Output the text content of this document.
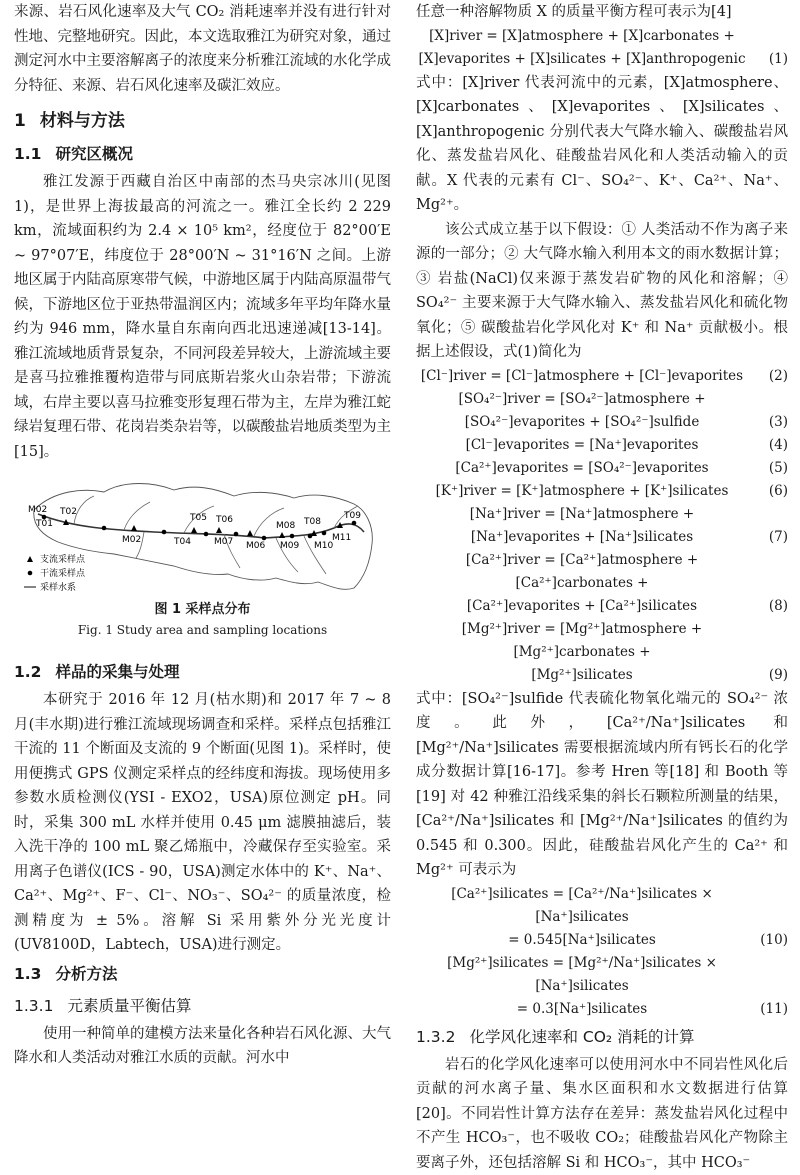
来源、岩石风化速率及大气 CO₂ 消耗速率并没有进行针对性地、完整地研究。因此，本文选取雅江为研究对象，通过测定河水中主要溶解离子的浓度来分析雅江流域的水化学成分特征、来源、岩石风化速率及碳汇效应。

1 材料与方法
1.1 研究区概况

雅江发源于西藏自治区中南部的杰马央宗冰川(见图 1)，是世界上海拔最高的河流之一。雅江全长约 2 229 km，流域面积约为 2.4 × 10⁵ km²，经度位于 82°00′E ~ 97°07′E，纬度位于 28°00′N ~ 31°16′N 之间。上游地区属于内陆高原寒带气候，中游地区属于内陆高原温带气候，下游地区位于亚热带温润区内；流域多年平均年降水量约为 946 mm，降水量自东南向西北迅速递减[13-14]。雅江流域地质背景复杂，不同河段差异较大，上游流域主要是喜马拉雅推覆构造带与同底斯岩浆火山杂岩带；下游流域，右岸主要以喜马拉雅变形复理石带为主，左岸为雅江蛇绿岩复理石带、花岗岩类杂岩等，以碳酸盐岩地质类型为主[15]。

M02
T01
T02
M02	T04
T05 T06
M07 M06
M08
M09
T08
M10
T09
M11
支流采样点
干流采样点
采样水系
图 1 采样点分布
Fig. 1 Study area and sampling locations
1.2 样品的采集与处理

本研究于 2016 年 12 月(枯水期)和 2017 年 7 ~ 8 月(丰水期)进行雅江流域现场调查和采样。采样点包括雅江干流的 11 个断面及支流的 9 个断面(见图 1)。采样时，使用便携式 GPS 仪测定采样点的经纬度和海拔。现场使用多参数水质检测仪(YSI - EXO2，USA)原位测定 pH。同时，采集 300 mL 水样并使用 0.45 μm 滤膜抽滤后，装入洗干净的 100 mL 聚乙烯瓶中，冷藏保存至实验室。采用离子色谱仪(ICS - 90，USA)测定水体中的 K⁺、Na⁺、Ca²⁺、Mg²⁺、F⁻、Cl⁻、NO₃⁻、SO₄²⁻ 的质量浓度，检测精度为 ± 5%。溶解 Si 采用紫外分光光度计(UV8100D，Labtech，USA)进行测定。

1.3 分析方法
1.3.1 元素质量平衡估算

使用一种简单的建模方法来量化各种岩石风化源、大气降水和人类活动对雅江水质的贡献。河水中

任意一种溶解物质 X 的质量平衡方程可表示为[4]

[X]river = [X]atmosphere + [X]carbonates +
[X]evaporites + [X]silicates + [X]anthropogenic	(1)

式中：[X]river 代表河流中的元素，[X]atmosphere、[X]carbonates、[X]evaporites、[X]silicates、[X]anthropogenic 分别代表大气降水输入、碳酸盐岩风化、蒸发盐岩风化、硅酸盐岩风化和人类活动输入的贡献。X 代表的元素有 Cl⁻、SO₄²⁻、K⁺、Ca²⁺、Na⁺、Mg²⁺。

该公式成立基于以下假设：① 人类活动不作为离子来源的一部分；② 大气降水输入利用本文的雨水数据计算；③ 岩盐(NaCl)仅来源于蒸发岩矿物的风化和溶解；④ SO₄²⁻ 主要来源于大气降水输入、蒸发盐岩风化和硫化物氧化；⑤ 碳酸盐岩化学风化对 K⁺ 和 Na⁺ 贡献极小。根据上述假设，式(1)简化为

[Cl⁻]river = [Cl⁻]atmosphere + [Cl⁻]evaporites	(2)
[SO₄²⁻]river = [SO₄²⁻]atmosphere +
[SO₄²⁻]evaporites + [SO₄²⁻]sulfide	(3)
[Cl⁻]evaporites = [Na⁺]evaporites	(4)
[Ca²⁺]evaporites = [SO₄²⁻]evaporites	(5)
[K⁺]river = [K⁺]atmosphere + [K⁺]silicates	(6)
[Na⁺]river = [Na⁺]atmosphere +
[Na⁺]evaporites + [Na⁺]silicates	(7)
[Ca²⁺]river = [Ca²⁺]atmosphere + [Ca²⁺]carbonates +
[Ca²⁺]evaporites + [Ca²⁺]silicates	(8)
[Mg²⁺]river = [Mg²⁺]atmosphere + [Mg²⁺]carbonates +
[Mg²⁺]silicates	(9)

式中：[SO₄²⁻]sulfide 代表硫化物氧化端元的 SO₄²⁻ 浓度。此外，[Ca²⁺/Na⁺]silicates 和 [Mg²⁺/Na⁺]silicates 需要根据流域内所有钙长石的化学成分数据计算[16-17]。参考 Hren 等[18] 和 Booth 等[19] 对 42 种雅江沿线采集的斜长石颗粒所测量的结果，[Ca²⁺/Na⁺]silicates 和 [Mg²⁺/Na⁺]silicates 的值约为 0.545 和 0.300。因此，硅酸盐岩风化产生的 Ca²⁺ 和 Mg²⁺ 可表示为

[Ca²⁺]silicates = [Ca²⁺/Na⁺]silicates × [Na⁺]silicates
= 0.545[Na⁺]silicates	(10)
[Mg²⁺]silicates = [Mg²⁺/Na⁺]silicates × [Na⁺]silicates
= 0.3[Na⁺]silicates	(11)
1.3.2 化学风化速率和 CO₂ 消耗的计算

岩石的化学风化速率可以使用河水中不同岩性风化后贡献的河水离子量、集水区面积和水文数据进行估算[20]。不同岩性计算方法存在差异：蒸发盐岩风化过程中不产生 HCO₃⁻，也不吸收 CO₂；硅酸盐岩风化产物除主要离子外，还包括溶解 Si 和 HCO₃⁻，其中 HCO₃⁻
